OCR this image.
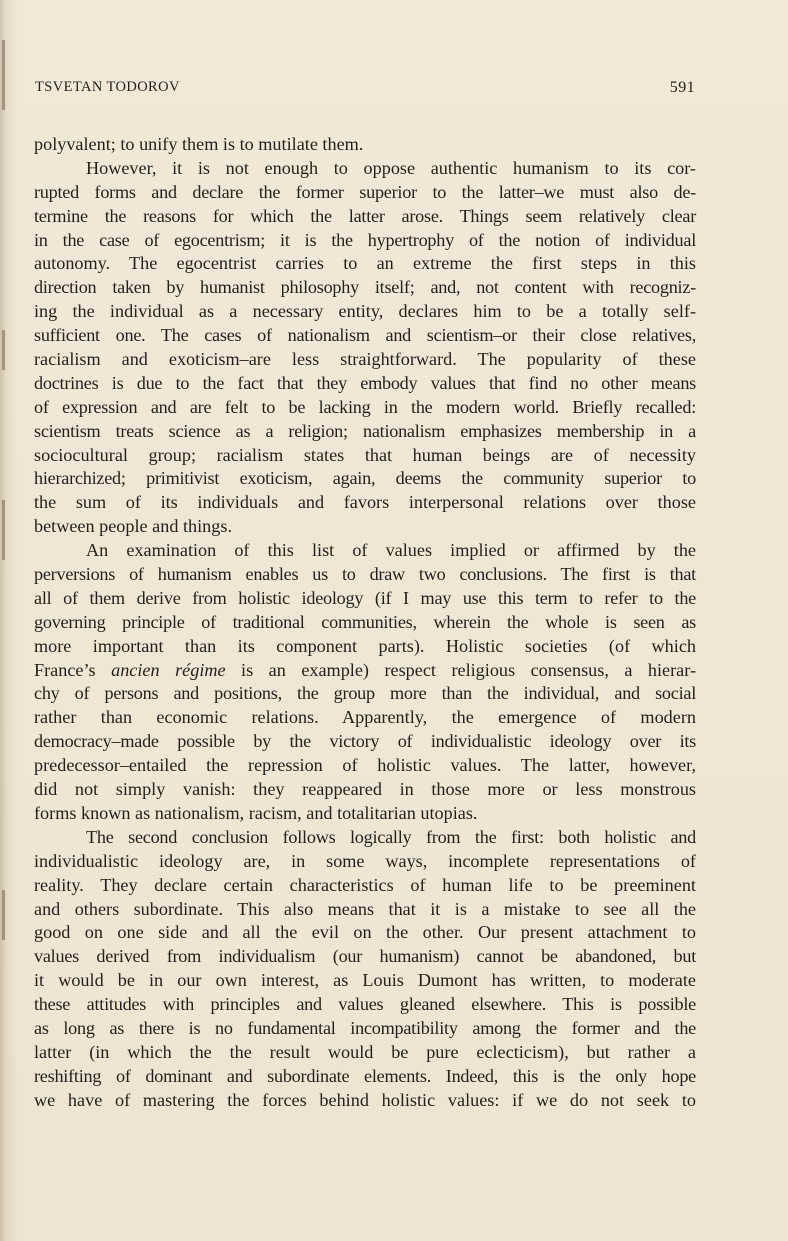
TSVETAN TODOROV	591
polyvalent; to unify them is to mutilate them.
However, it is not enough to oppose authentic humanism to its cor-
rupted forms and declare the former superior to the latter–we must also de-
termine the reasons for which the latter arose. Things seem relatively clear
in the case of egocentrism; it is the hypertrophy of the notion of individual
autonomy. The egocentrist carries to an extreme the first steps in this
direction taken by humanist philosophy itself; and, not content with recogniz-
ing the individual as a necessary entity, declares him to be a totally self-
sufficient one. The cases of nationalism and scientism–or their close relatives,
racialism and exoticism–are less straightforward. The popularity of these
doctrines is due to the fact that they embody values that find no other means
of expression and are felt to be lacking in the modern world. Briefly recalled:
scientism treats science as a religion; nationalism emphasizes membership in a
sociocultural group; racialism states that human beings are of necessity
hierarchized; primitivist exoticism, again, deems the community superior to
the sum of its individuals and favors interpersonal relations over those
between people and things.
An examination of this list of values implied or affirmed by the
perversions of humanism enables us to draw two conclusions. The first is that
all of them derive from holistic ideology (if I may use this term to refer to the
governing principle of traditional communities, wherein the whole is seen as
more important than its component parts). Holistic societies (of which
France’s ancien régime is an example) respect religious consensus, a hierar-
chy of persons and positions, the group more than the individual, and social
rather than economic relations. Apparently, the emergence of modern
democracy–made possible by the victory of individualistic ideology over its
predecessor–entailed the repression of holistic values. The latter, however,
did not simply vanish: they reappeared in those more or less monstrous
forms known as nationalism, racism, and totalitarian utopias.
The second conclusion follows logically from the first: both holistic and
individualistic ideology are, in some ways, incomplete representations of
reality. They declare certain characteristics of human life to be preeminent
and others subordinate. This also means that it is a mistake to see all the
good on one side and all the evil on the other. Our present attachment to
values derived from individualism (our humanism) cannot be abandoned, but
it would be in our own interest, as Louis Dumont has written, to moderate
these attitudes with principles and values gleaned elsewhere. This is possible
as long as there is no fundamental incompatibility among the former and the
latter (in which the the result would be pure eclecticism), but rather a
reshifting of dominant and subordinate elements. Indeed, this is the only hope
we have of mastering the forces behind holistic values: if we do not seek to
